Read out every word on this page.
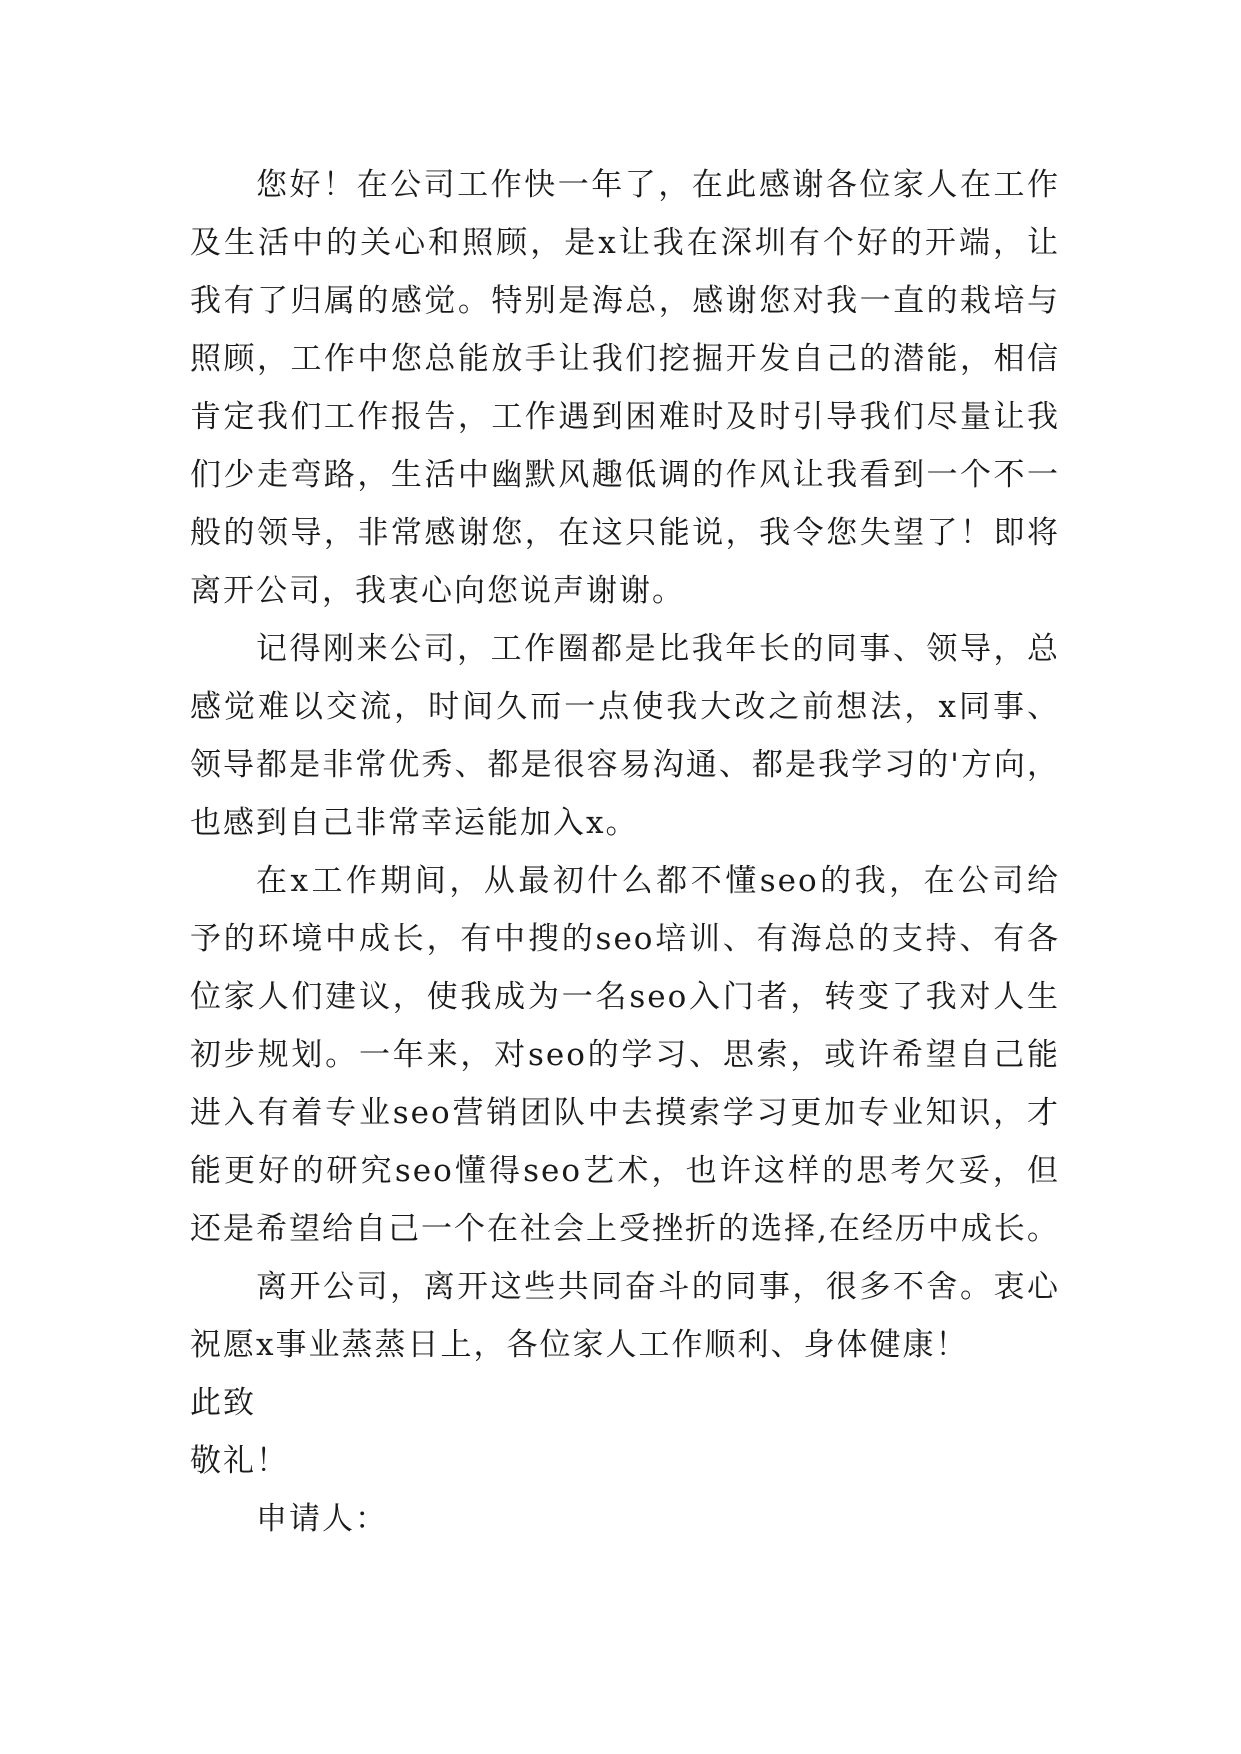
您好！在公司工作快一年了，在此感谢各位家人在工作及生活中的关心和照顾，是x让我在深圳有个好的开端，让我有了归属的感觉。特别是海总，感谢您对我一直的栽培与照顾，工作中您总能放手让我们挖掘开发自己的潜能，相信肯定我们工作报告，工作遇到困难时及时引导我们尽量让我们少走弯路，生活中幽默风趣低调的作风让我看到一个不一般的领导，非常感谢您，在这只能说，我令您失望了！即将离开公司，我衷心向您说声谢谢。

记得刚来公司，工作圈都是比我年长的同事、领导，总感觉难以交流，时间久而一点使我大改之前想法，x同事、领导都是非常优秀、都是很容易沟通、都是我学习的'方向，也感到自己非常幸运能加入x。

在x工作期间，从最初什么都不懂seo的我，在公司给予的环境中成长，有中搜的seo培训、有海总的支持、有各位家人们建议，使我成为一名seo入门者，转变了我对人生初步规划。一年来，对seo的学习、思索，或许希望自己能进入有着专业seo营销团队中去摸索学习更加专业知识，才能更好的研究seo懂得seo艺术，也许这样的思考欠妥，但还是希望给自己一个在社会上受挫折的选择,在经历中成长。

离开公司，离开这些共同奋斗的同事，很多不舍。衷心祝愿x事业蒸蒸日上，各位家人工作顺利、身体健康！

此致

敬礼！

申请人：
